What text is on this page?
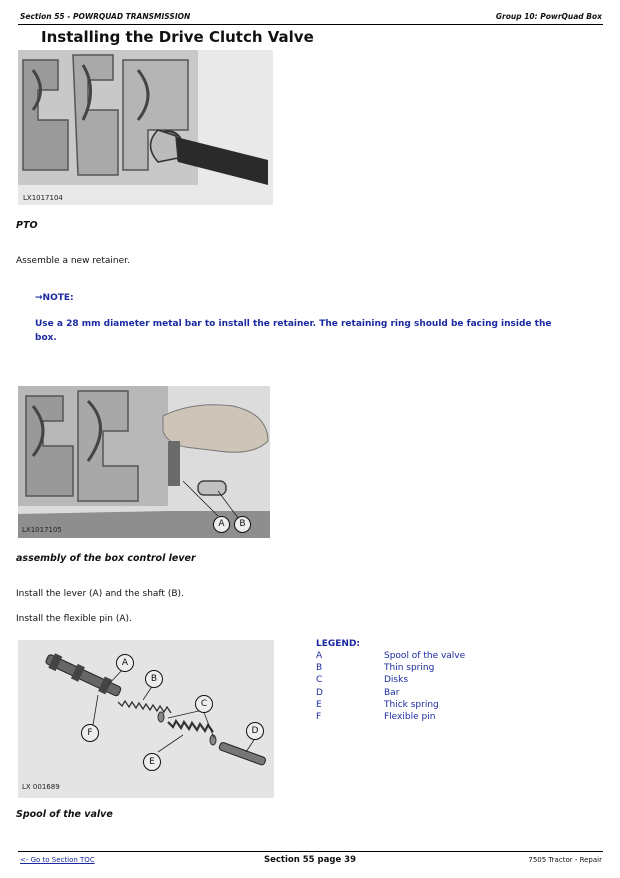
Section 55 - POWRQUAD TRANSMISSION	Group 10: PowrQuad Box
Installing the Drive Clutch Valve
LX1017104
PTO
Assemble a new retainer.
→NOTE:
Use a 28 mm diameter metal bar to install the retainer. The retaining ring should be facing inside the box.
A	B
LX1017105
assembly of the box control lever
Install the lever (A) and the shaft (B).
Install the flexible pin (A).
A
B
C
D
E
F
LX 001689
LEGEND:
A	Spool of the valve
B	Thin spring
C	Disks
D	Bar
E	Thick spring
F	Flexible pin
Spool of the valve
<- Go to Section TOC	Section 55 page 39	7505 Tractor - Repair
